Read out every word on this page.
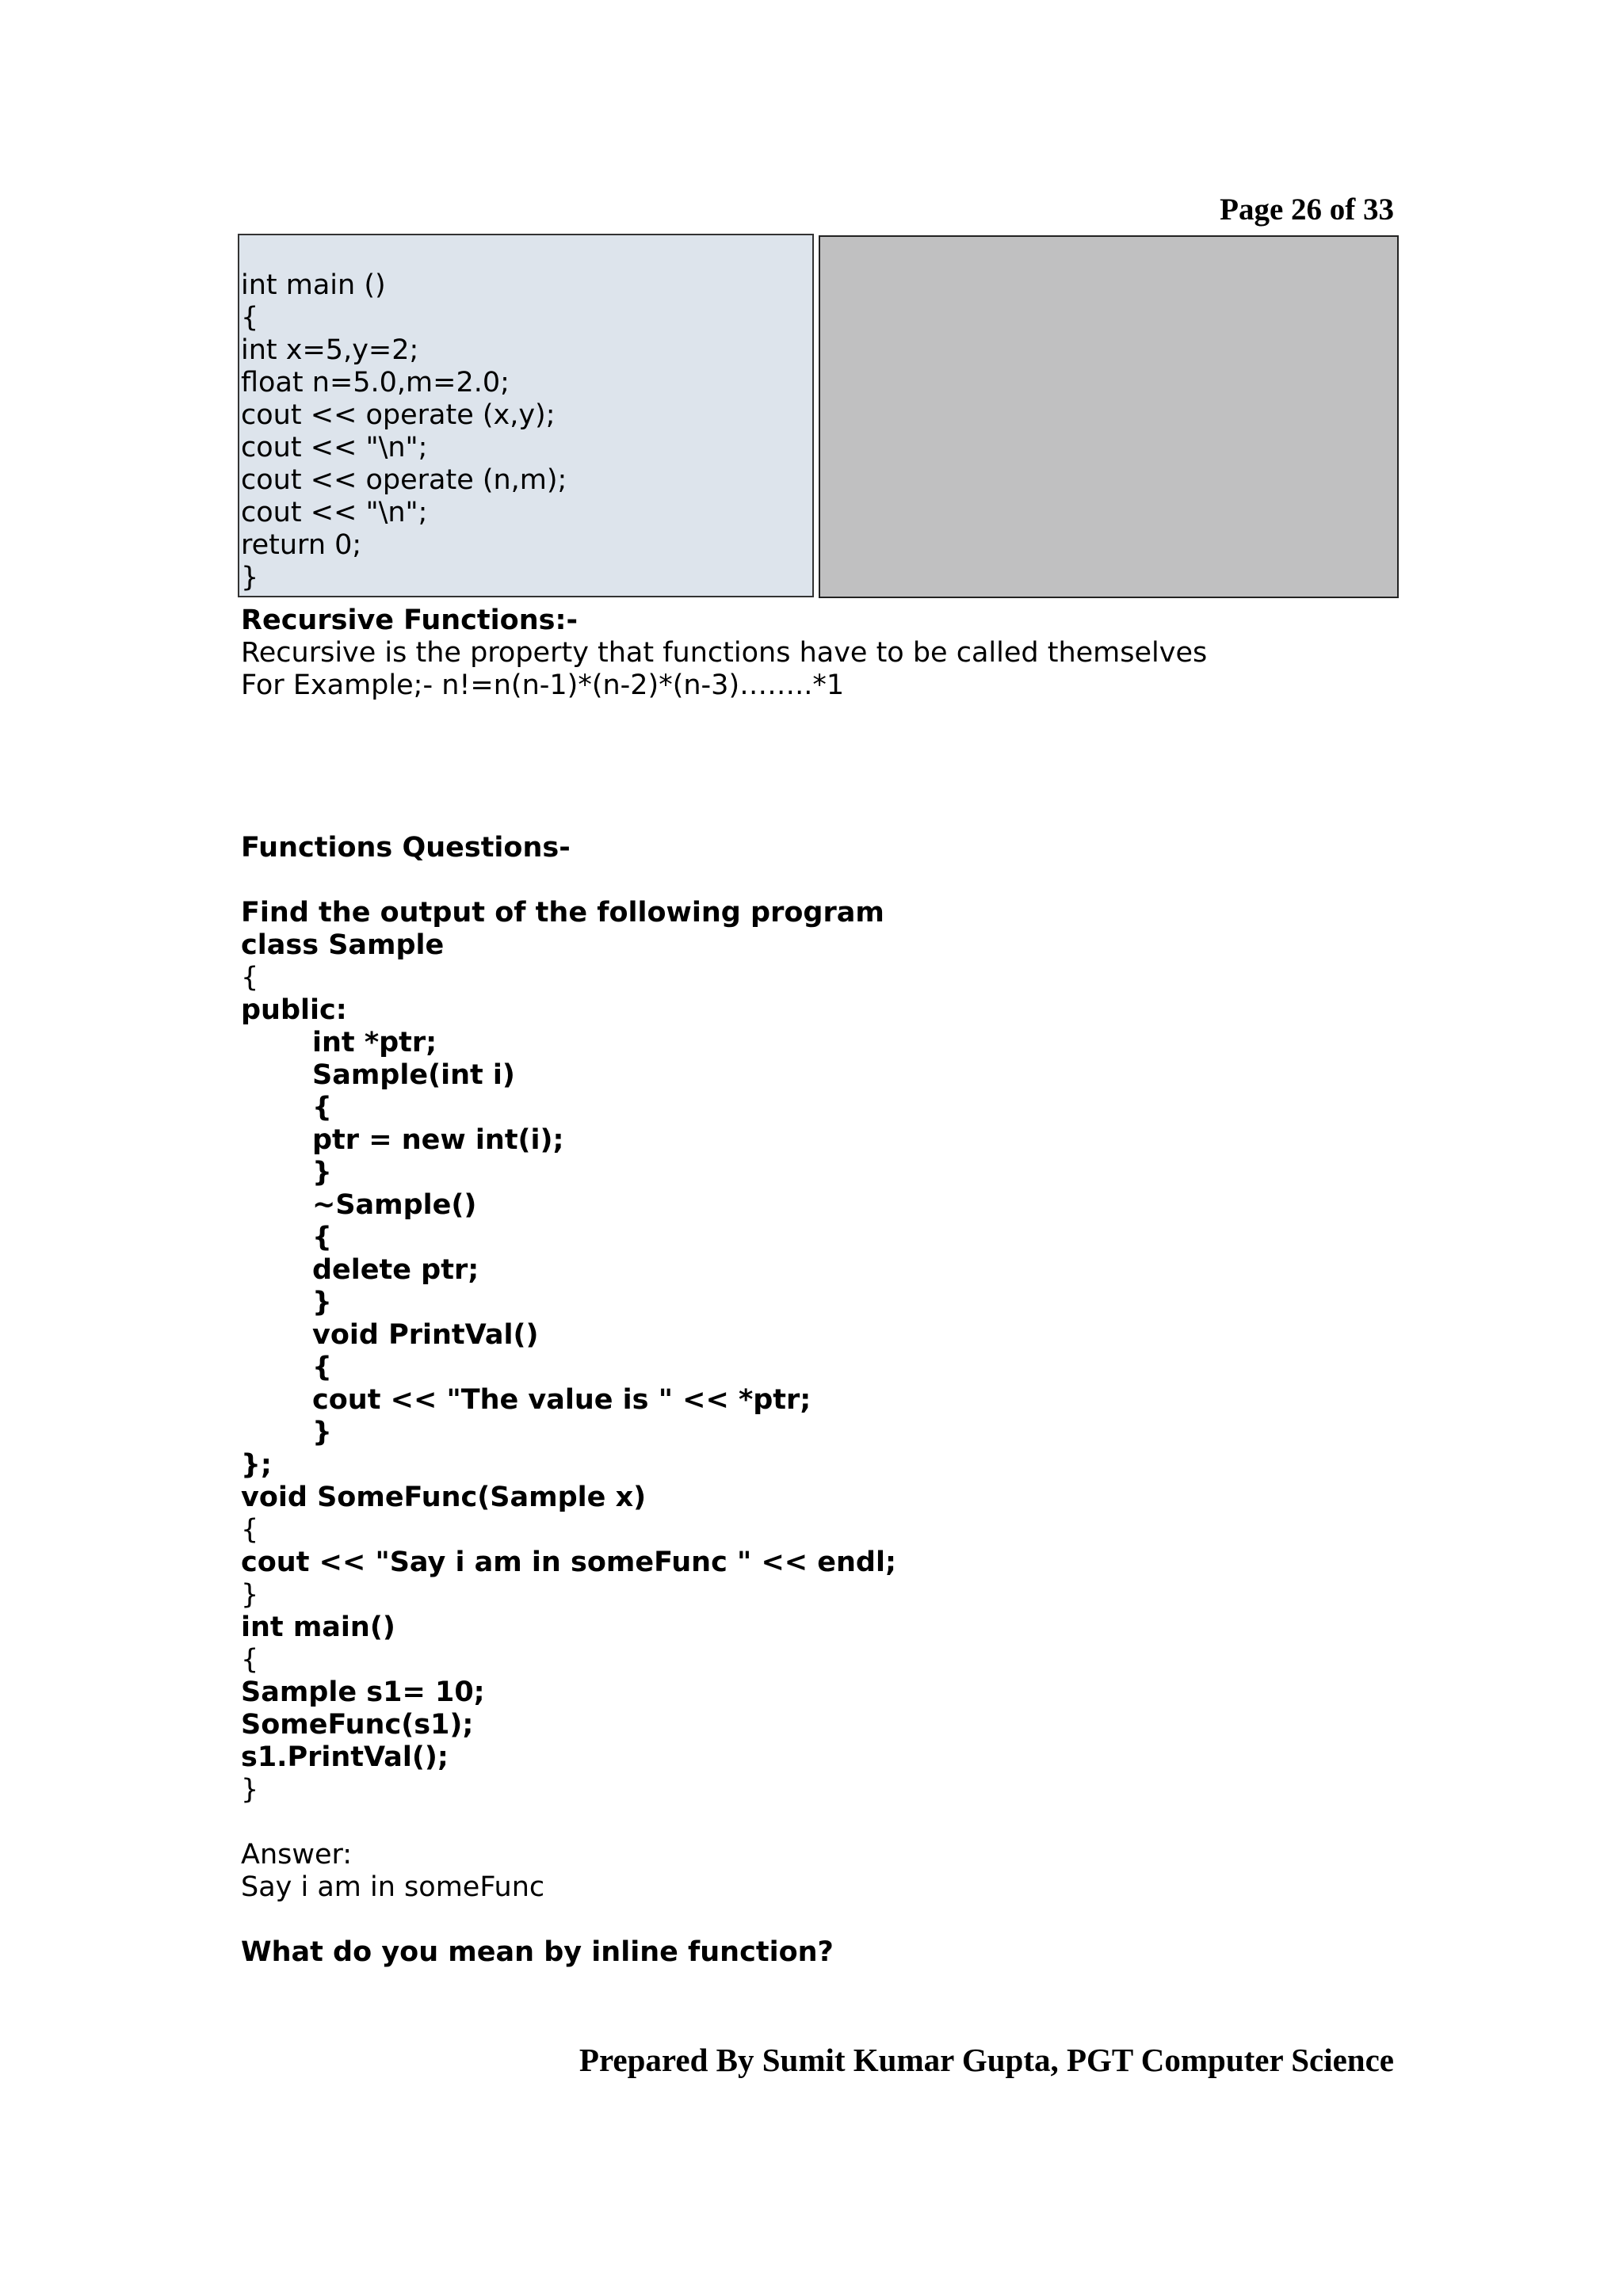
Page 26 of 33
int main ()
{
int x=5,y=2;
float n=5.0,m=2.0;
cout << operate (x,y);
cout << "\n";
cout << operate (n,m);
cout << "\n";
return 0;
}
Recursive Functions:-
Recursive is the property that functions have to be called themselves
For Example;- n!=n(n-1)*(n-2)*(n-3)……..*1
Functions Questions-
Find the output of the following program
class Sample
{
public:
int *ptr;
Sample(int i)
{
ptr = new int(i);
}
~Sample()
{
delete ptr;
}
void PrintVal()
{
cout << "The value is " << *ptr;
}
};
void SomeFunc(Sample x)
{
cout << "Say i am in someFunc " << endl;
}
int main()
{
Sample s1= 10;
SomeFunc(s1);
s1.PrintVal();
}
Answer:
Say i am in someFunc
What do you mean by inline function?
Prepared By Sumit Kumar Gupta, PGT Computer Science
